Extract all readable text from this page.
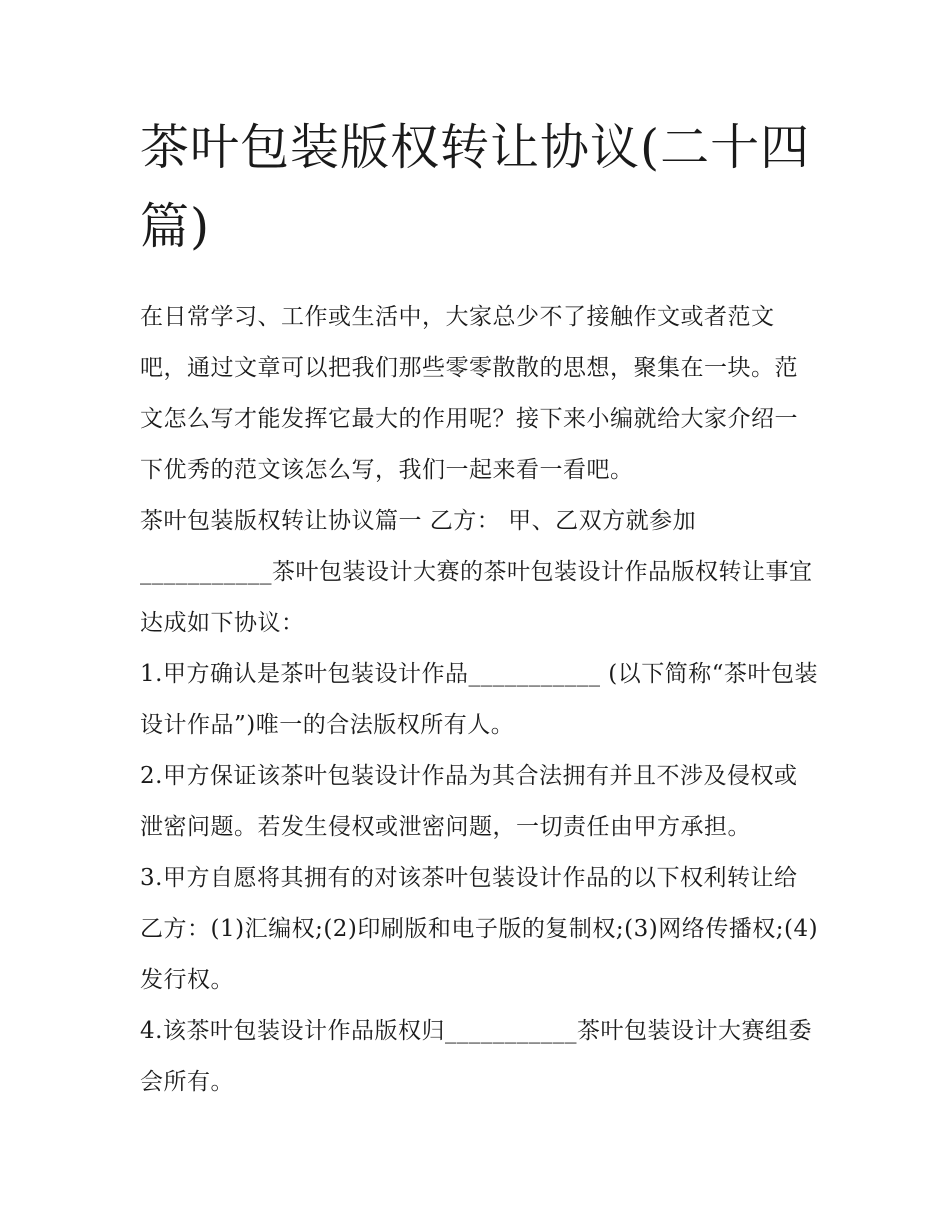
茶叶包装版权转让协议(二十四篇)

在日常学习、工作或生活中，大家总少不了接触作文或者范文吧，通过文章可以把我们那些零零散散的思想，聚集在一块。范文怎么写才能发挥它最大的作用呢？接下来小编就给大家介绍一下优秀的范文该怎么写，我们一起来看一看吧。

茶叶包装版权转让协议篇一 乙方： 甲、乙双方就参加___________茶叶包装设计大赛的茶叶包装设计作品版权转让事宜达成如下协议：

1.甲方确认是茶叶包装设计作品___________ (以下简称“茶叶包装设计作品”)唯一的合法版权所有人。

2.甲方保证该茶叶包装设计作品为其合法拥有并且不涉及侵权或泄密问题。若发生侵权或泄密问题，一切责任由甲方承担。

3.甲方自愿将其拥有的对该茶叶包装设计作品的以下权利转让给乙方：(1)汇编权;(2)印刷版和电子版的复制权;(3)网络传播权;(4)发行权。

4.该茶叶包装设计作品版权归___________茶叶包装设计大赛组委会所有。
